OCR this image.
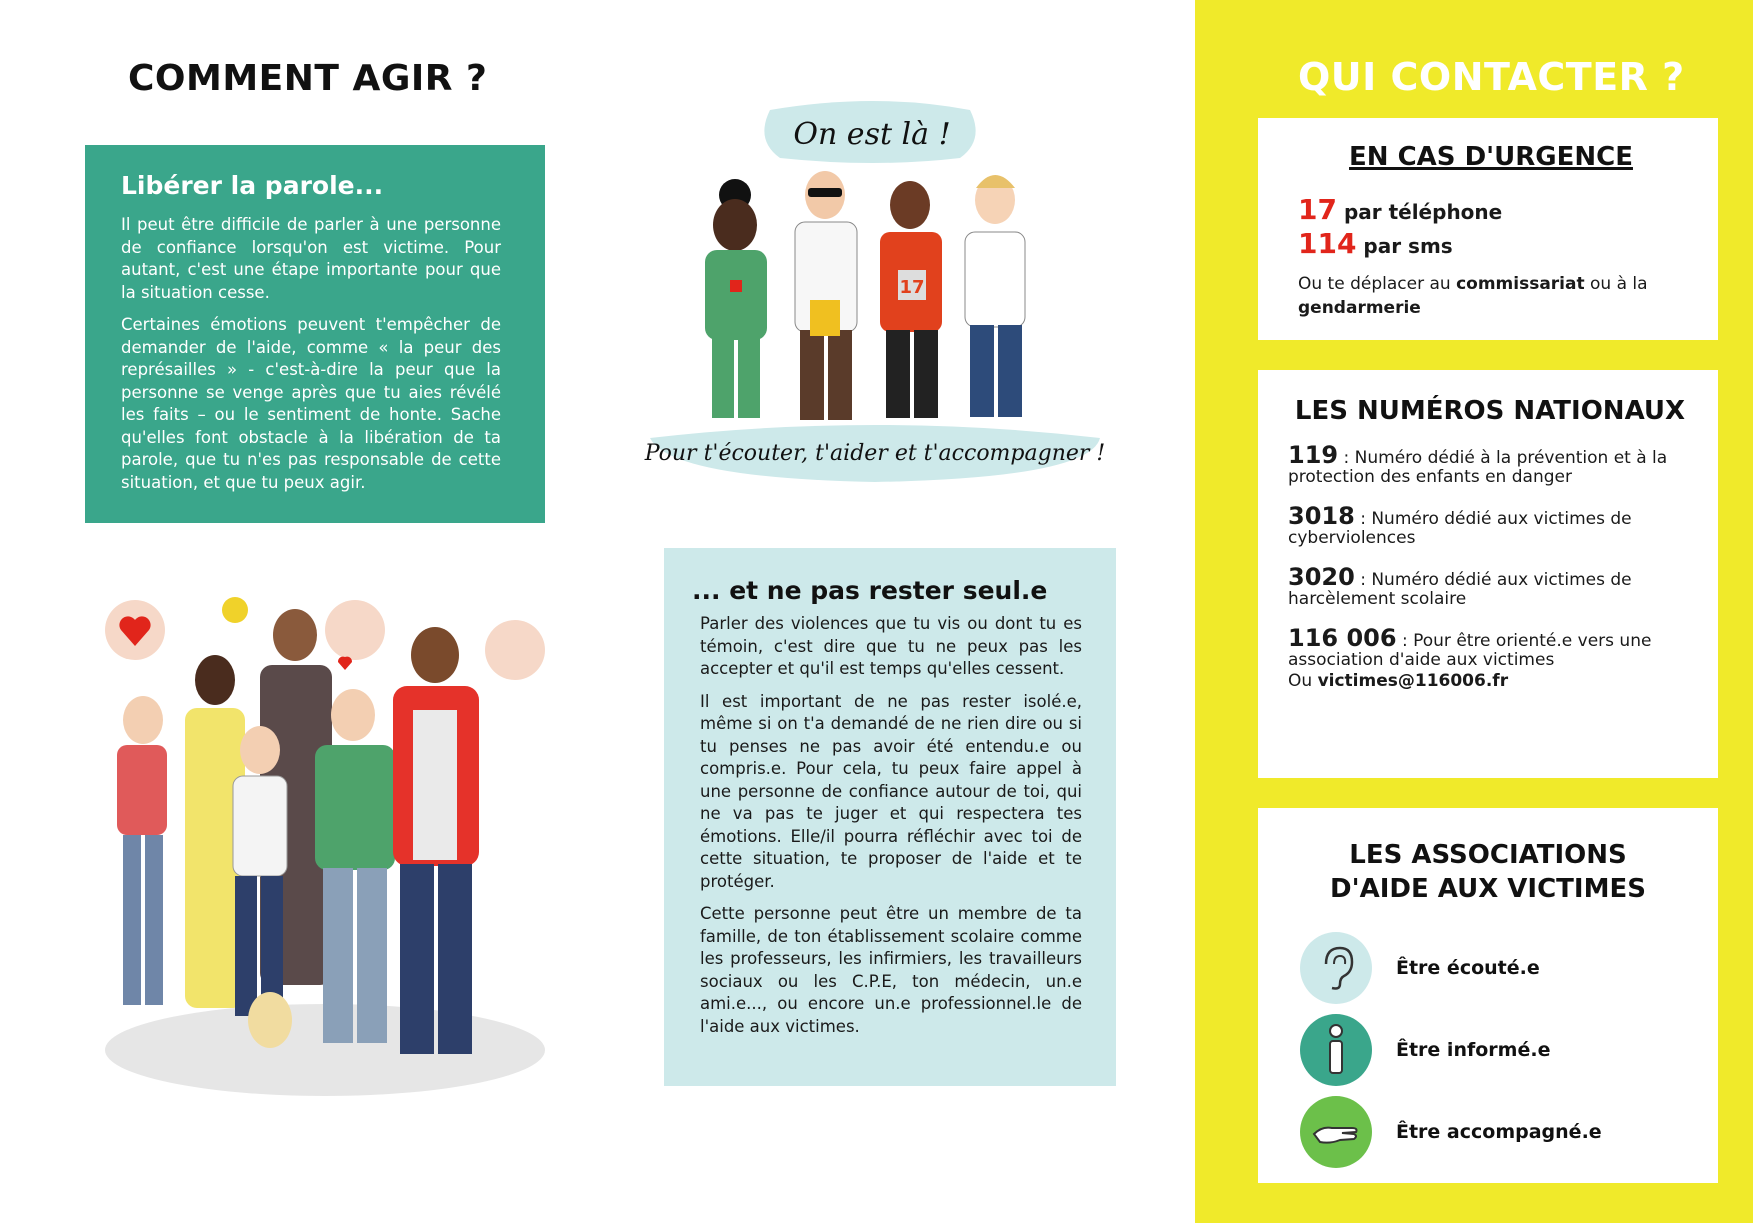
COMMENT AGIR ?
Libérer la parole...

Il peut être difficile de parler à une personne de confiance lorsqu'on est victime. Pour autant, c'est une étape importante pour que la situation cesse.

Certaines émotions peuvent t'empêcher de demander de l'aide, comme « la peur des représailles » - c'est-à-dire la peur que la personne se venge après que tu aies révélé les faits – ou le sentiment de honte. Sache qu'elles font obstacle à la libération de ta parole, que tu n'es pas responsable de cette situation, et que tu peux agir.

On est là !
17
Pour t'écouter, t'aider et t'accompagner !
... et ne pas rester seul.e

Parler des violences que tu vis ou dont tu es témoin, c'est dire que tu ne peux pas les accepter et qu'il est temps qu'elles cessent.

Il est important de ne pas rester isolé.e, même si on t'a demandé de ne rien dire ou si tu penses ne pas avoir été entendu.e ou compris.e. Pour cela, tu peux faire appel à une personne de confiance autour de toi, qui ne va pas te juger et qui respectera tes émotions. Elle/il pourra réfléchir avec toi de cette situation, te proposer de l'aide et te protéger.

Cette personne peut être un membre de ta famille, de ton établissement scolaire comme les professeurs, les infirmiers, les travailleurs sociaux ou les C.P.E, ton médecin, un.e ami.e..., ou encore un.e professionnel.le de l'aide aux victimes.

QUI CONTACTER ?
EN CAS D'URGENCE
17 par téléphone
114 par sms
Ou te déplacer au commissariat ou à la gendarmerie
LES NUMÉROS NATIONAUX
119 : Numéro dédié à la prévention et à la protection des enfants en danger
3018 : Numéro dédié aux victimes de cyberviolences
3020 : Numéro dédié aux victimes de harcèlement scolaire
116 006 : Pour être orienté.e vers une association d'aide aux victimes
Ou victimes@116006.fr
LES ASSOCIATIONS
D'AIDE AUX VICTIMES
Être écouté.e
Être informé.e
Être accompagné.e
